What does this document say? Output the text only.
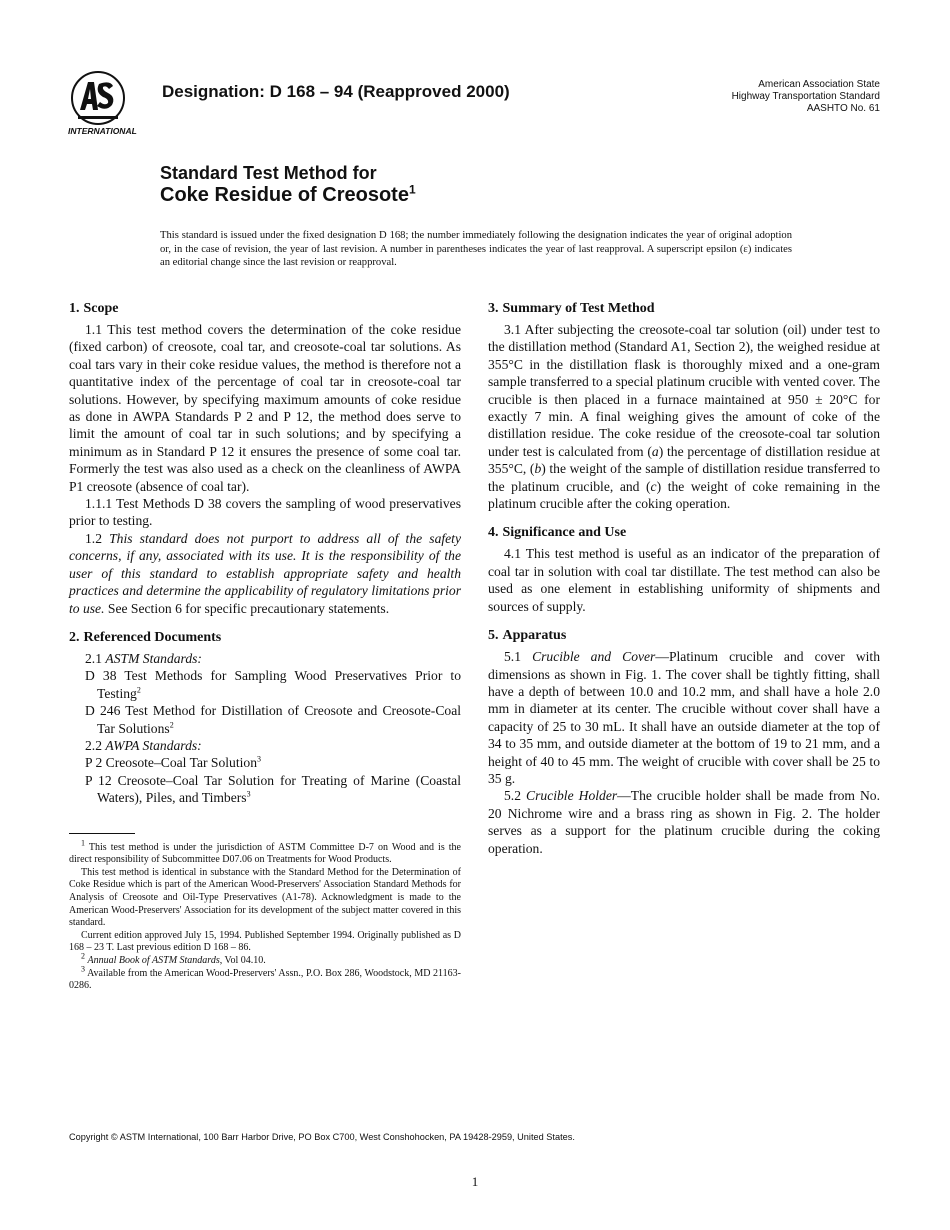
INTERNATIONAL
Designation: D 168 – 94 (Reapproved 2000)	American Association State
Highway Transportation Standard
AASHTO No. 61
Standard Test Method for
Coke Residue of Creosote$^1$
This standard is issued under the fixed designation D 168; the number immediately following the designation indicates the year of original adoption or, in the case of revision, the year of last revision. A number in parentheses indicates the year of last reapproval. A superscript epsilon (ε) indicates an editorial change since the last revision or reapproval.
1. Scope

1.1 This test method covers the determination of the coke residue (fixed carbon) of creosote, coal tar, and creosote-coal tar solutions. As coal tars vary in their coke residue values, the method is therefore not a quantitative index of the percentage of coal tar in creosote-coal tar solutions. However, by specifying maximum amounts of coke residue as done in AWPA Standards P 2 and P 12, the method does serve to limit the amount of coal tar in such solutions; and by specifying a minimum as in Standard P 12 it ensures the presence of some coal tar. Formerly the test was also used as a check on the cleanliness of AWPA P1 creosote (absence of coal tar).

1.1.1 Test Methods D 38 covers the sampling of wood preservatives prior to testing.

1.2 This standard does not purport to address all of the safety concerns, if any, associated with its use. It is the responsibility of the user of this standard to establish appropriate safety and health practices and determine the applicability of regulatory limitations prior to use. See Section 6 for specific precautionary statements.

2. Referenced Documents

2.1 ASTM Standards:

D 38 Test Methods for Sampling Wood Preservatives Prior to Testing$^2$
D 246 Test Method for Distillation of Creosote and Creosote-Coal Tar Solutions$^2$

2.2 AWPA Standards:

P 2 Creosote–Coal Tar Solution$^3$
P 12 Creosote–Coal Tar Solution for Treating of Marine (Coastal Waters), Piles, and Timbers$^3$

$^1$ This test method is under the jurisdiction of ASTM Committee D-7 on Wood and is the direct responsibility of Subcommittee D07.06 on Treatments for Wood Products.

This test method is identical in substance with the Standard Method for the Determination of Coke Residue which is part of the American Wood-Preservers' Association Standard Methods for Analysis of Creosote and Oil-Type Preservatives (A1-78). Acknowledgment is made to the American Wood-Preservers' Association for its development of the subject matter covered in this standard.

Current edition approved July 15, 1994. Published September 1994. Originally published as D 168 – 23 T. Last previous edition D 168 – 86.

$^2$ Annual Book of ASTM Standards, Vol 04.10.

$^3$ Available from the American Wood-Preservers' Assn., P.O. Box 286, Woodstock, MD 21163-0286.

3. Summary of Test Method

3.1 After subjecting the creosote-coal tar solution (oil) under test to the distillation method (Standard A1, Section 2), the weighed residue at 355°C in the distillation flask is thoroughly mixed and a one-gram sample transferred to a special platinum crucible with vented cover. The crucible is then placed in a furnace maintained at 950 ± 20°C for exactly 7 min. A final weighing gives the amount of coke of the distillation residue. The coke residue of the creosote-coal tar solution under test is calculated from (a) the percentage of distillation residue at 355°C, (b) the weight of the sample of distillation residue transferred to the platinum crucible, and (c) the weight of coke remaining in the platinum crucible after the coking operation.

4. Significance and Use

4.1 This test method is useful as an indicator of the preparation of coal tar in solution with coal tar distillate. The test method can also be used as one element in establishing uniformity of shipments and sources of supply.

5. Apparatus

5.1 Crucible and Cover—Platinum crucible and cover with dimensions as shown in Fig. 1. The cover shall be tightly fitting, shall have a depth of between 10.0 and 10.2 mm, and shall have a hole 2.0 mm in diameter at its center. The crucible without cover shall have a capacity of 25 to 30 mL. It shall have an outside diameter at the top of 34 to 35 mm, and outside diameter at the bottom of 19 to 21 mm, and a height of 40 to 45 mm. The weight of crucible with cover shall be 25 to 35 g.

5.2 Crucible Holder—The crucible holder shall be made from No. 20 Nichrome wire and a brass ring as shown in Fig. 2. The holder serves as a support for the platinum crucible during the coking operation.

Copyright © ASTM International, 100 Barr Harbor Drive, PO Box C700, West Conshohocken, PA 19428-2959, United States.
1
